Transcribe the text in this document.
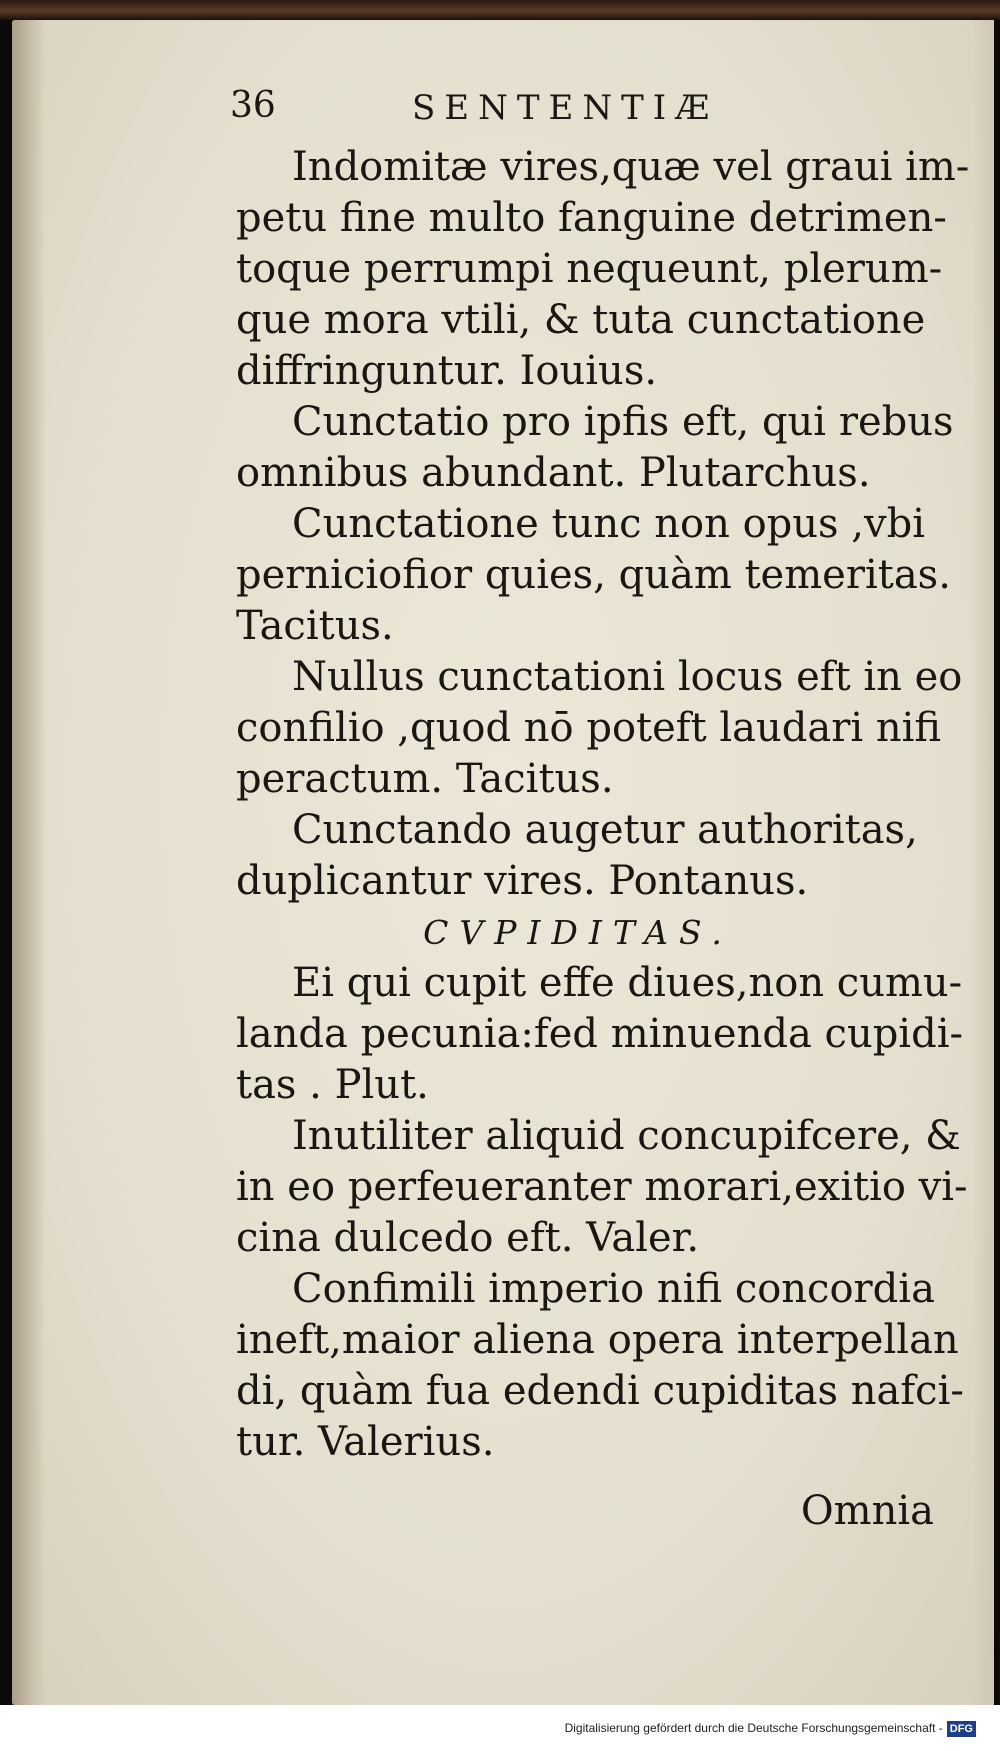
36	SENTENTIÆ
Indomitæ vires,quæ vel graui im-
petu fine multo fanguine detrimen-
toque perrumpi nequeunt, plerum-
que mora vtili, & tuta cunctatione
diffringuntur. Iouius.
Cunctatio pro ipfis eft, qui rebus
omnibus abundant. Plutarchus.
Cunctatione tunc non opus ,vbi
perniciofior quies, quàm temeritas.
Tacitus.
Nullus cunctationi locus eft in eo
confilio ,quod nō poteft laudari nifi
peractum. Tacitus.
Cunctando augetur authoritas,
duplicantur vires. Pontanus.
CVPIDITAS.
Ei qui cupit effe diues,non cumu-
landa pecunia:fed minuenda cupidi-
tas . Plut.
Inutiliter aliquid concupifcere, &
in eo perfeueranter morari,exitio vi-
cina dulcedo eft. Valer.
Confimili imperio nifi concordia
ineft,maior aliena opera interpellan
di, quàm fua edendi cupiditas nafci-
tur. Valerius.
Omnia
Digitalisierung gefördert durch die Deutsche Forschungsgemeinschaft - DFG
